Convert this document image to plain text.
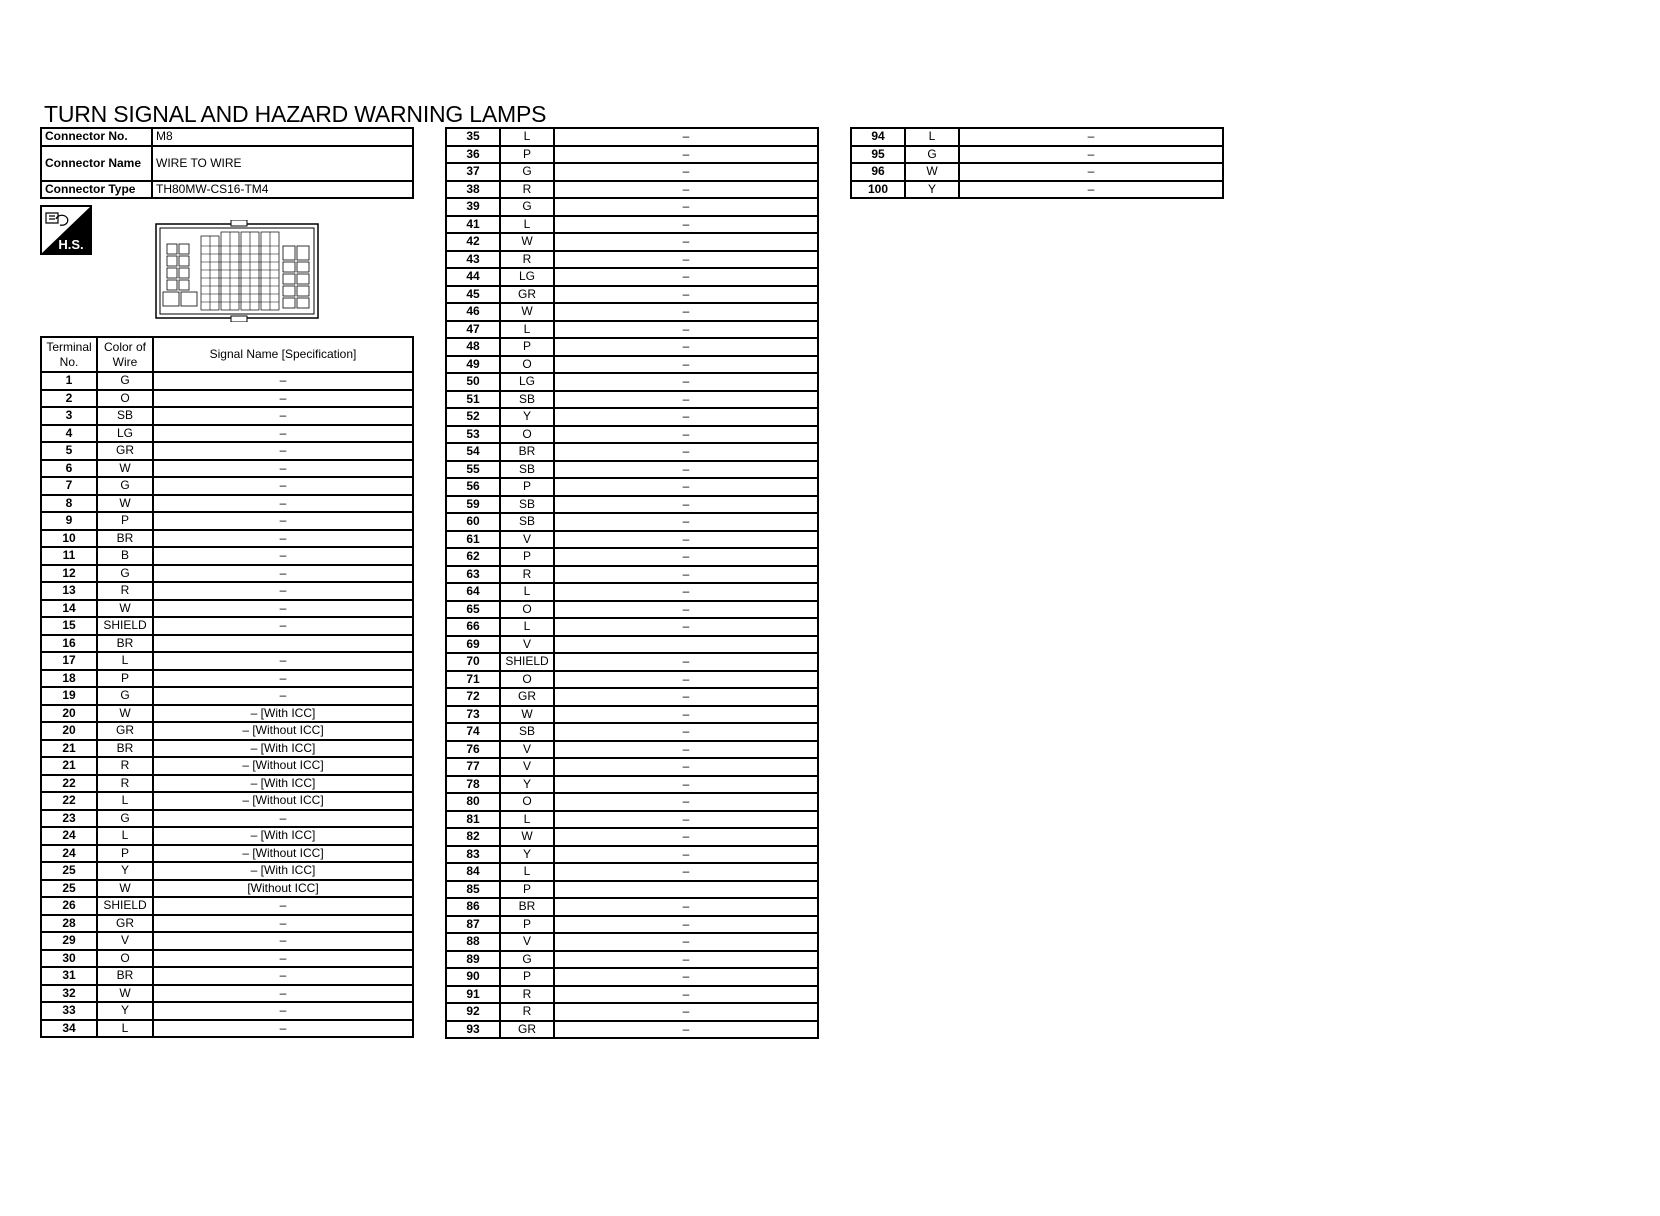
TURN SIGNAL AND HAZARD WARNING LAMPS
Connector No.	M8
Connector Name	WIRE TO WIRE
Connector Type	TH80MW-CS16-TM4
H.S.
Terminal No.	Color of Wire	Signal Name [Specification]
1	G	–
2	O	–
3	SB	–
4	LG	–
5	GR	–
6	W	–
7	G	–
8	W	–
9	P	–
10	BR	–
11	B	–
12	G	–
13	R	–
14	W	–
15	SHIELD	–
16	BR	
17	L	–
18	P	–
19	G	–
20	W	– [With ICC]
20	GR	– [Without ICC]
21	BR	– [With ICC]
21	R	– [Without ICC]
22	R	– [With ICC]
22	L	– [Without ICC]
23	G	–
24	L	– [With ICC]
24	P	– [Without ICC]
25	Y	– [With ICC]
25	W	[Without ICC]
26	SHIELD	–
28	GR	–
29	V	–
30	O	–
31	BR	–
32	W	–
33	Y	–
34	L	–
35	L	–
36	P	–
37	G	–
38	R	–
39	G	–
41	L	–
42	W	–
43	R	–
44	LG	–
45	GR	–
46	W	–
47	L	–
48	P	–
49	O	–
50	LG	–
51	SB	–
52	Y	–
53	O	–
54	BR	–
55	SB	–
56	P	–
59	SB	–
60	SB	–
61	V	–
62	P	–
63	R	–
64	L	–
65	O	–
66	L	–
69	V	
70	SHIELD	–
71	O	–
72	GR	–
73	W	–
74	SB	–
76	V	–
77	V	–
78	Y	–
80	O	–
81	L	–
82	W	–
83	Y	–
84	L	–
85	P	
86	BR	–
87	P	–
88	V	–
89	G	–
90	P	–
91	R	–
92	R	–
93	GR	–
94	L	–
95	G	–
96	W	–
100	Y	–
